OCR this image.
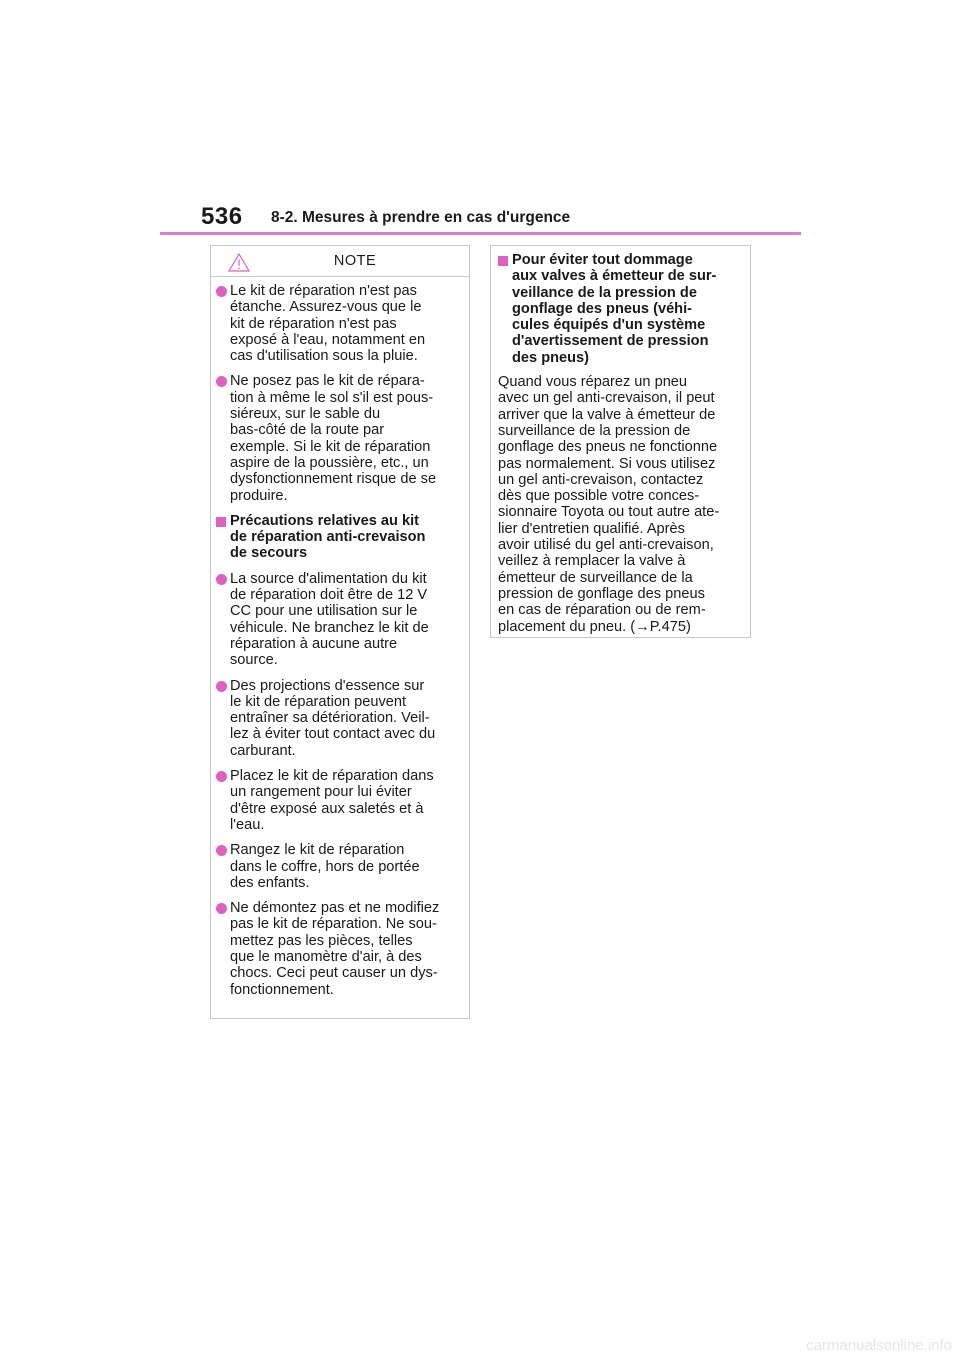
536 8-2. Mesures à prendre en cas d'urgence
NOTE
Le kit de réparation n'est pas
étanche. Assurez-vous que le
kit de réparation n'est pas
exposé à l'eau, notamment en
cas d'utilisation sous la pluie.
Ne posez pas le kit de répara-
tion à même le sol s'il est pous-
siéreux, sur le sable du
bas-côté de la route par
exemple. Si le kit de réparation
aspire de la poussière, etc., un
dysfonctionnement risque de se
produire.
Précautions relatives au kit
de réparation anti-crevaison
de secours
La source d'alimentation du kit
de réparation doit être de 12 V
CC pour une utilisation sur le
véhicule. Ne branchez le kit de
réparation à aucune autre
source.
Des projections d'essence sur
le kit de réparation peuvent
entraîner sa détérioration. Veil-
lez à éviter tout contact avec du
carburant.
Placez le kit de réparation dans
un rangement pour lui éviter
d'être exposé aux saletés et à
l'eau.
Rangez le kit de réparation
dans le coffre, hors de portée
des enfants.
Ne démontez pas et ne modifiez
pas le kit de réparation. Ne sou-
mettez pas les pièces, telles
que le manomètre d'air, à des
chocs. Ceci peut causer un dys-
fonctionnement.
Pour éviter tout dommage
aux valves à émetteur de sur-
veillance de la pression de
gonflage des pneus (véhi-
cules équipés d'un système
d'avertissement de pression
des pneus)
Quand vous réparez un pneu
avec un gel anti-crevaison, il peut
arriver que la valve à émetteur de
surveillance de la pression de
gonflage des pneus ne fonctionne
pas normalement. Si vous utilisez
un gel anti-crevaison, contactez
dès que possible votre conces-
sionnaire Toyota ou tout autre ate-
lier d'entretien qualifié. Après
avoir utilisé du gel anti-crevaison,
veillez à remplacer la valve à
émetteur de surveillance de la
pression de gonflage des pneus
en cas de réparation ou de rem-
placement du pneu. (→P.475)
carmanualsonline.info
